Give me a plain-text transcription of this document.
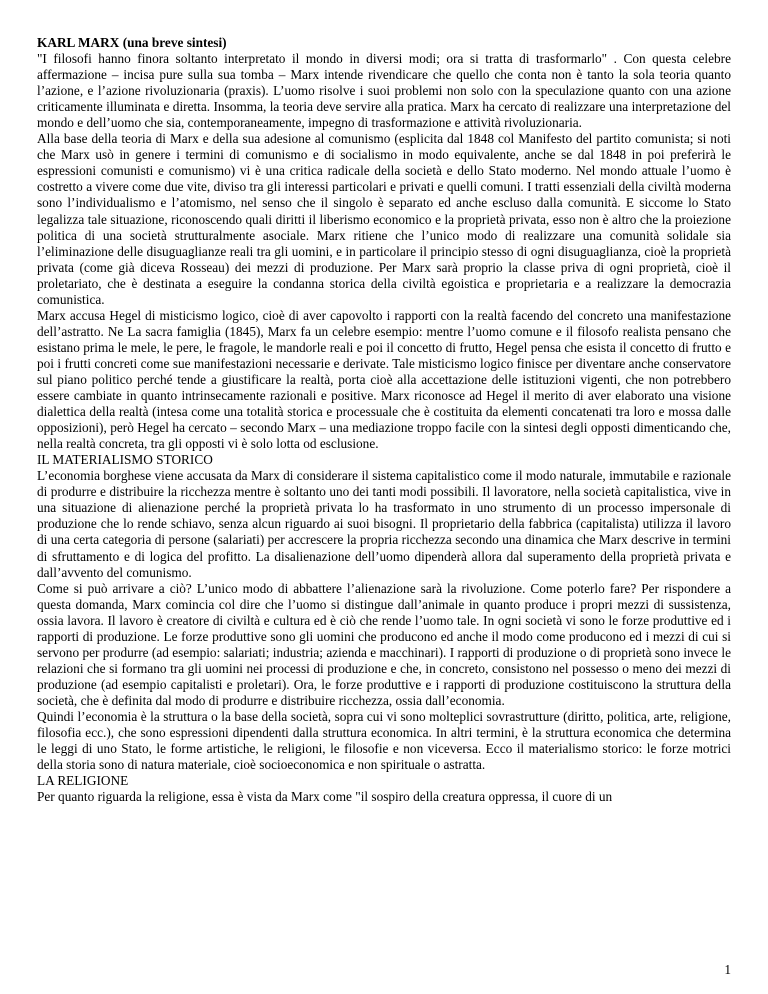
KARL MARX (una breve sintesi)

"I filosofi hanno finora soltanto interpretato il mondo in diversi modi; ora si tratta di trasformarlo" . Con questa celebre affermazione – incisa pure sulla sua tomba – Marx intende rivendicare che quello che conta non è tanto la sola teoria quanto l’azione, e l’azione rivoluzionaria (praxis). L’uomo risolve i suoi problemi non solo con la speculazione quanto con una azione criticamente illuminata e diretta. Insomma, la teoria deve servire alla pratica. Marx ha cercato di realizzare una interpretazione del mondo e dell’uomo che sia, contemporaneamente, impegno di trasformazione e attività rivoluzionaria.

Alla base della teoria di Marx e della sua adesione al comunismo (esplicita dal 1848 col Manifesto del partito comunista; si noti che Marx usò in genere i termini di comunismo e di socialismo in modo equivalente, anche se dal 1848 in poi preferirà le espressioni comunisti e comunismo) vi è una critica radicale della società e dello Stato moderno. Nel mondo attuale l’uomo è costretto a vivere come due vite, diviso tra gli interessi particolari e privati e quelli comuni. I tratti essenziali della civiltà moderna sono l’individualismo e l’atomismo, nel senso che il singolo è separato ed anche escluso dalla comunità. E siccome lo Stato legalizza tale situazione, riconoscendo quali diritti il liberismo economico e la proprietà privata, esso non è altro che la proiezione politica di una società strutturalmente asociale. Marx ritiene che l’unico modo di realizzare una comunità solidale sia l’eliminazione delle disuguaglianze reali tra gli uomini, e in particolare il principio stesso di ogni disuguaglianza, cioè la proprietà privata (come già diceva Rosseau) dei mezzi di produzione. Per Marx sarà proprio la classe priva di ogni proprietà, cioè il proletariato, che è destinata a eseguire la condanna storica della civiltà egoistica e proprietaria e a realizzare la democrazia comunistica.

Marx accusa Hegel di misticismo logico, cioè di aver capovolto i rapporti con la realtà facendo del concreto una manifestazione dell’astratto. Ne La sacra famiglia (1845), Marx fa un celebre esempio: mentre l’uomo comune e il filosofo realista pensano che esistano prima le mele, le pere, le fragole, le mandorle reali e poi il concetto di frutto, Hegel pensa che esista il concetto di frutto e poi i frutti concreti come sue manifestazioni necessarie e derivate. Tale misticismo logico finisce per diventare anche conservatore sul piano politico perché tende a giustificare la realtà, porta cioè alla accettazione delle istituzioni vigenti, che non potrebbero essere cambiate in quanto intrinsecamente razionali e positive. Marx riconosce ad Hegel il merito di aver elaborato una visione dialettica della realtà (intesa come una totalità storica e processuale che è costituita da elementi concatenati tra loro e mossa dalle opposizioni), però Hegel ha cercato – secondo Marx – una mediazione troppo facile con la sintesi degli opposti dimenticando che, nella realtà concreta, tra gli opposti vi è solo lotta od esclusione.

IL MATERIALISMO STORICO

L’economia borghese viene accusata da Marx di considerare il sistema capitalistico come il modo naturale, immutabile e razionale di produrre e distribuire la ricchezza mentre è soltanto uno dei tanti modi possibili. Il lavoratore, nella società capitalistica, vive in una situazione di alienazione perché la proprietà privata lo ha trasformato in uno strumento di un processo impersonale di produzione che lo rende schiavo, senza alcun riguardo ai suoi bisogni. Il proprietario della fabbrica (capitalista) utilizza il lavoro di una certa categoria di persone (salariati) per accrescere la propria ricchezza secondo una dinamica che Marx descrive in termini di sfruttamento e di logica del profitto. La disalienazione dell’uomo dipenderà allora dal superamento della proprietà privata e dall’avvento del comunismo.

Come si può arrivare a ciò? L’unico modo di abbattere l’alienazione sarà la rivoluzione. Come poterlo fare? Per rispondere a questa domanda, Marx comincia col dire che l’uomo si distingue dall’animale in quanto produce i propri mezzi di sussistenza, ossia lavora. Il lavoro è creatore di civiltà e cultura ed è ciò che rende l’uomo tale. In ogni società vi sono le forze produttive ed i rapporti di produzione. Le forze produttive sono gli uomini che producono ed anche il modo come producono ed i mezzi di cui si servono per produrre (ad esempio: salariati; industria; azienda e macchinari). I rapporti di produzione o di proprietà sono invece le relazioni che si formano tra gli uomini nei processi di produzione e che, in concreto, consistono nel possesso o meno dei mezzi di produzione (ad esempio capitalisti e proletari). Ora, le forze produttive e i rapporti di produzione costituiscono la struttura della società, che è definita dal modo di produrre e distribuire ricchezza, ossia dall’economia.

Quindi l’economia è la struttura o la base della società, sopra cui vi sono molteplici sovrastrutture (diritto, politica, arte, religione, filosofia ecc.), che sono espressioni dipendenti dalla struttura economica. In altri termini, è la struttura economica che determina le leggi di uno Stato, le forme artistiche, le religioni, le filosofie e non viceversa. Ecco il materialismo storico: le forze motrici della storia sono di natura materiale, cioè socioeconomica e non spirituale o astratta.

LA RELIGIONE

Per quanto riguarda la religione, essa è vista da Marx come "il sospiro della creatura oppressa, il cuore di un

1
